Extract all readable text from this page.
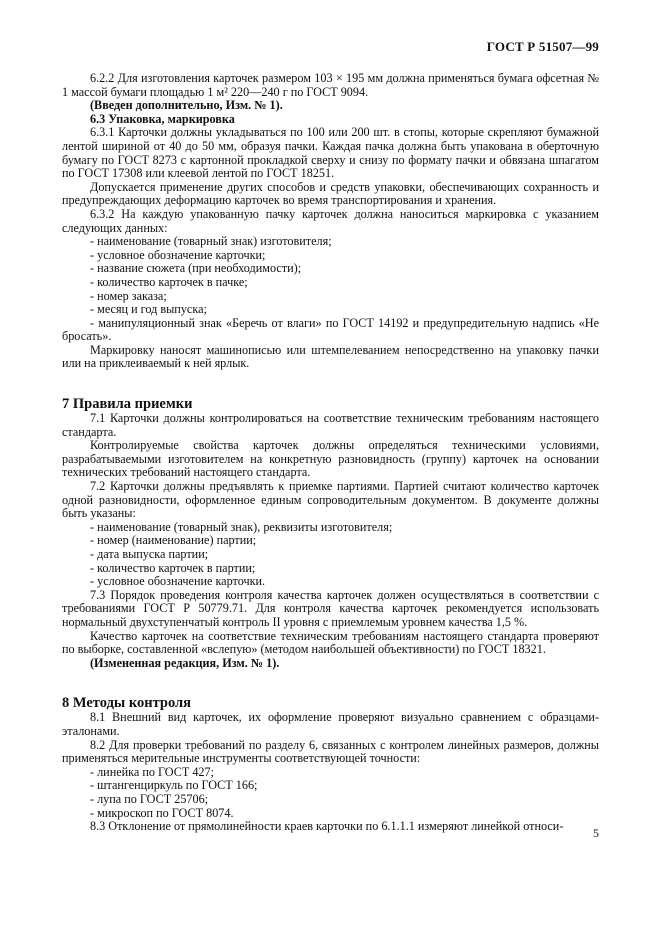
ГОСТ Р 51507—99

6.2.2 Для изготовления карточек размером 103 × 195 мм должна применяться бумага офсетная № 1 массой бумаги площадью 1 м² 220—240 г по ГОСТ 9094.

(Введен дополнительно, Изм. № 1).

6.3 Упаковка, маркировка

6.3.1 Карточки должны укладываться по 100 или 200 шт. в стопы, которые скрепляют бумажной лентой шириной от 40 до 50 мм, образуя пачки. Каждая пачка должна быть упакована в оберточную бумагу по ГОСТ 8273 с картонной прокладкой сверху и снизу по формату пачки и обвязана шпагатом по ГОСТ 17308 или клеевой лентой по ГОСТ 18251.

Допускается применение других способов и средств упаковки, обеспечивающих сохранность и предупреждающих деформацию карточек во время транспортирования и хранения.

6.3.2 На каждую упакованную пачку карточек должна наноситься маркировка с указанием следующих данных:

- наименование (товарный знак) изготовителя;

- условное обозначение карточки;

- название сюжета (при необходимости);

- количество карточек в пачке;

- номер заказа;

- месяц и год выпуска;

- манипуляционный знак «Беречь от влаги» по ГОСТ 14192 и предупредительную надпись «Не бросать».

Маркировку наносят машинописью или штемпелеванием непосредственно на упаковку пачки или на приклеиваемый к ней ярлык.

7 Правила приемки

7.1 Карточки должны контролироваться на соответствие техническим требованиям настоящего стандарта.

Контролируемые свойства карточек должны определяться техническими условиями, разрабатываемыми изготовителем на конкретную разновидность (группу) карточек на основании технических требований настоящего стандарта.

7.2 Карточки должны предъявлять к приемке партиями. Партией считают количество карточек одной разновидности, оформленное единым сопроводительным документом. В документе должны быть указаны:

- наименование (товарный знак), реквизиты изготовителя;

- номер (наименование) партии;

- дата выпуска партии;

- количество карточек в партии;

- условное обозначение карточки.

7.3 Порядок проведения контроля качества карточек должен осуществляться в соответствии с требованиями ГОСТ Р 50779.71. Для контроля качества карточек рекомендуется использовать нормальный двухступенчатый контроль II уровня с приемлемым уровнем качества 1,5 %.

Качество карточек на соответствие техническим требованиям настоящего стандарта проверяют по выборке, составленной «вслепую» (методом наибольшей объективности) по ГОСТ 18321.

(Измененная редакция, Изм. № 1).

8 Методы контроля

8.1 Внешний вид карточек, их оформление проверяют визуально сравнением с образцами-эталонами.

8.2 Для проверки требований по разделу 6, связанных с контролем линейных размеров, должны применяться мерительные инструменты соответствующей точности:

- линейка по ГОСТ 427;

- штангенциркуль по ГОСТ 166;

- лупа по ГОСТ 25706;

- микроскоп по ГОСТ 8074.

8.3 Отклонение от прямолинейности краев карточки по 6.1.1.1 измеряют линейкой относи-	5
